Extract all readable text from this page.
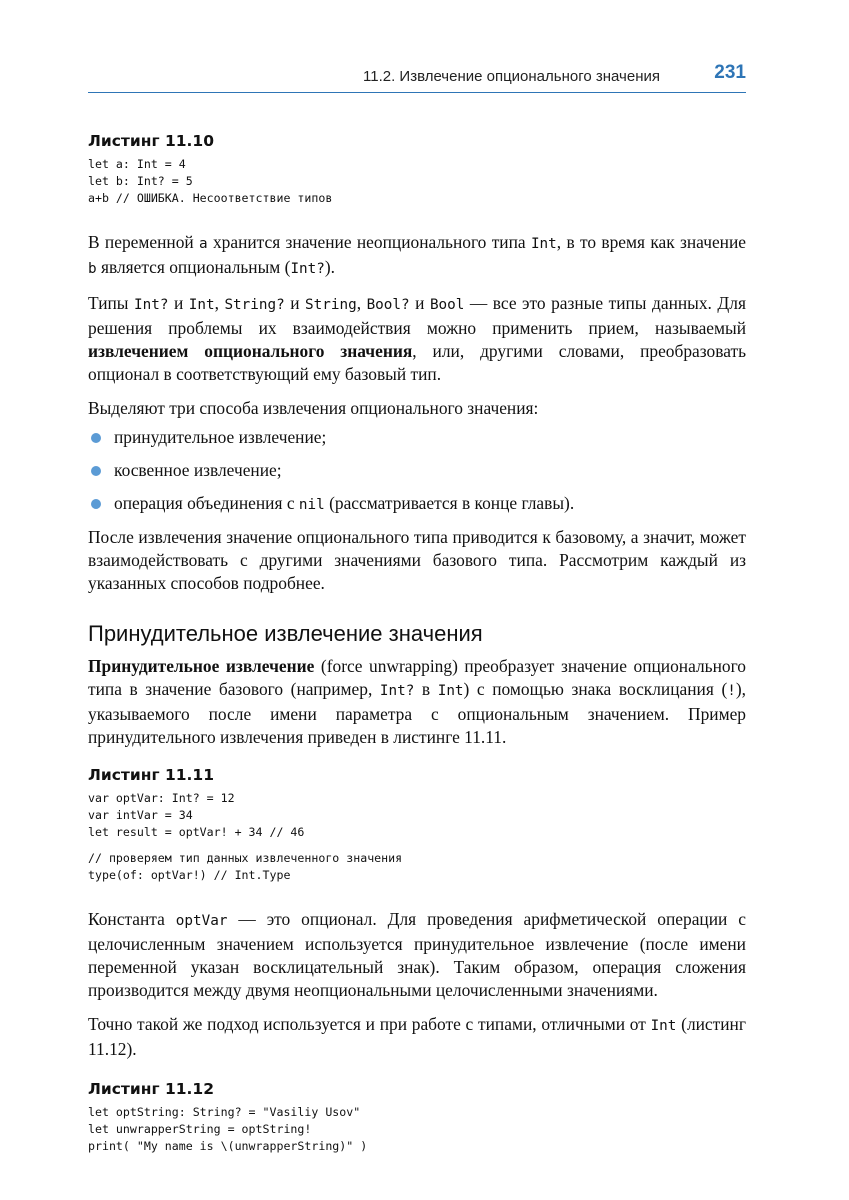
11.2. Извлечение опционального значения	231
Листинг 11.10
let a: Int = 4
let b: Int? = 5
a+b // ОШИБКА. Несоответствие типов

В переменной a хранится значение неопционального типа Int, в то время как значение b является опциональным (Int?).

Типы Int? и Int, String? и String, Bool? и Bool — все это разные типы данных. Для решения проблемы их взаимодействия можно применить прием, называемый извлечением опционального значения, или, другими словами, преобразовать опционал в соответствующий ему базовый тип.

Выделяют три способа извлечения опционального значения:

принудительное извлечение;
косвенное извлечение;
операция объединения с nil (рассматривается в конце главы).

После извлечения значение опционального типа приводится к базовому, а значит, может взаимодействовать с другими значениями базового типа. Рассмотрим каждый из указанных способов подробнее.

Принудительное извлечение значения

Принудительное извлечение (force unwrapping) преобразует значение опционального типа в значение базового (например, Int? в Int) с помощью знака восклицания (!), указываемого после имени параметра с опциональным значением. Пример принудительного извлечения приведен в листинге 11.11.

Листинг 11.11
var optVar: Int? = 12
var intVar = 34
let result = optVar! + 34 // 46
// проверяем тип данных извлеченного значения
type(of: optVar!) // Int.Type

Константа optVar — это опционал. Для проведения арифметической операции с целочисленным значением используется принудительное извлечение (после имени переменной указан восклицательный знак). Таким образом, операция сложения производится между двумя неопциональными целочисленными значениями.

Точно такой же подход используется и при работе с типами, отличными от Int (листинг 11.12).

Листинг 11.12
let optString: String? = "Vasiliy Usov"
let unwrapperString = optString!
print( "My name is \(unwrapperString)" )
